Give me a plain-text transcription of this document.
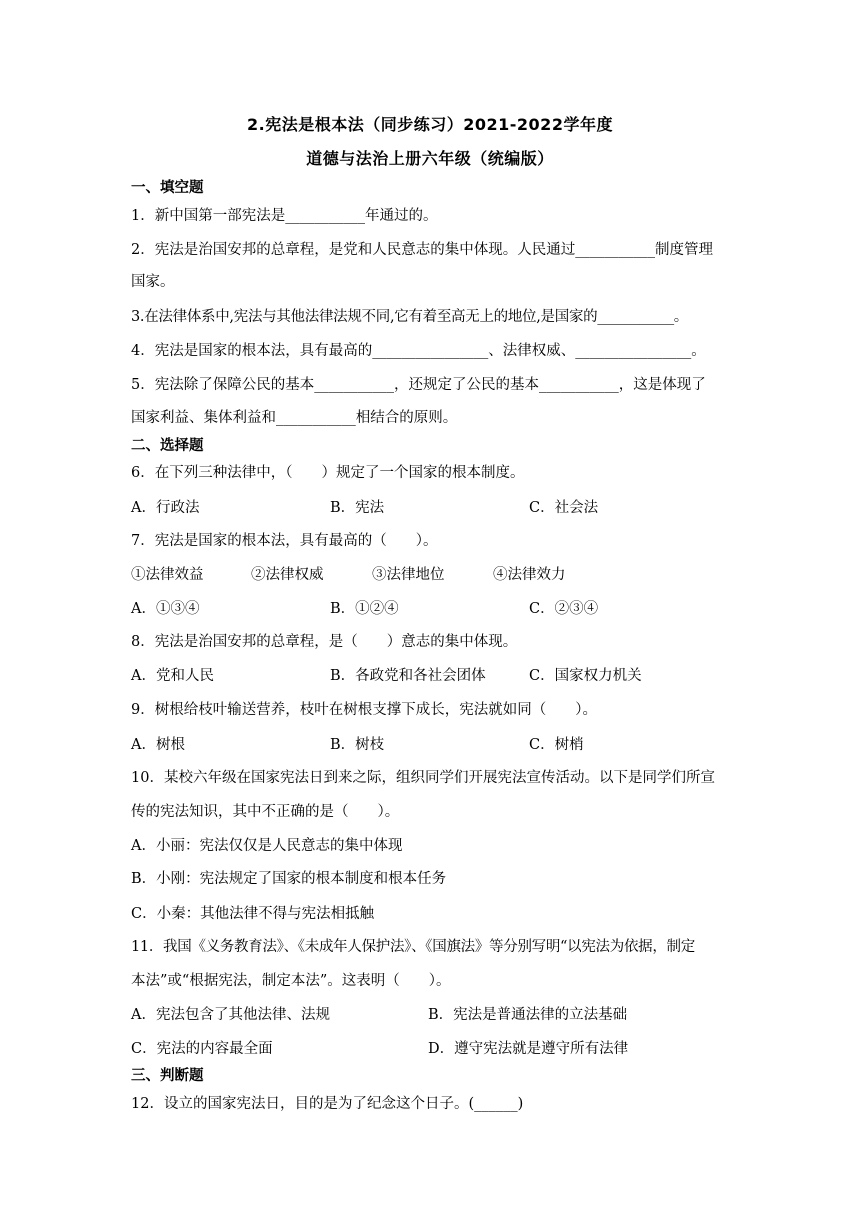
2.宪法是根本法（同步练习）2021-2022学年度
道德与法治上册六年级（统编版）
一、填空题
1．新中国第一部宪法是___________年通过的。
2．宪法是治国安邦的总章程，是党和人民意志的集中体现。人民通过___________制度管理
国家。
3.在法律体系中,宪法与其他法律法规不同,它有着至高无上的地位,是国家的___________。
4．宪法是国家的根本法，具有最高的________________、法律权威、________________。
5．宪法除了保障公民的基本___________，还规定了公民的基本___________，这是体现了
国家利益、集体利益和___________相结合的原则。
二、选择题
6．在下列三种法律中，（　　）规定了一个国家的根本制度。
A．行政法	B．宪法	C．社会法
7．宪法是国家的根本法，具有最高的（　　）。
①法律效益	②法律权威	③法律地位	④法律效力
A．①③④	B．①②④	C．②③④
8．宪法是治国安邦的总章程，是（　　）意志的集中体现。
A．党和人民	B．各政党和各社会团体	C．国家权力机关
9．树根给枝叶输送营养，枝叶在树根支撑下成长，宪法就如同（　　）。
A．树根	B．树枝	C．树梢
10．某校六年级在国家宪法日到来之际，组织同学们开展宪法宣传活动。以下是同学们所宣
传的宪法知识，其中不正确的是（　　）。
A．小丽：宪法仅仅是人民意志的集中体现
B．小刚：宪法规定了国家的根本制度和根本任务
C．小秦：其他法律不得与宪法相抵触
11．我国《义务教育法》、《未成年人保护法》、《国旗法》等分别写明“以宪法为依据，制定
本法”或“根据宪法，制定本法”。这表明（　　）。
A．宪法包含了其他法律、法规	B．宪法是普通法律的立法基础
C．宪法的内容最全面	D．遵守宪法就是遵守所有法律
三、判断题
12．设立的国家宪法日，目的是为了纪念这个日子。(______)
